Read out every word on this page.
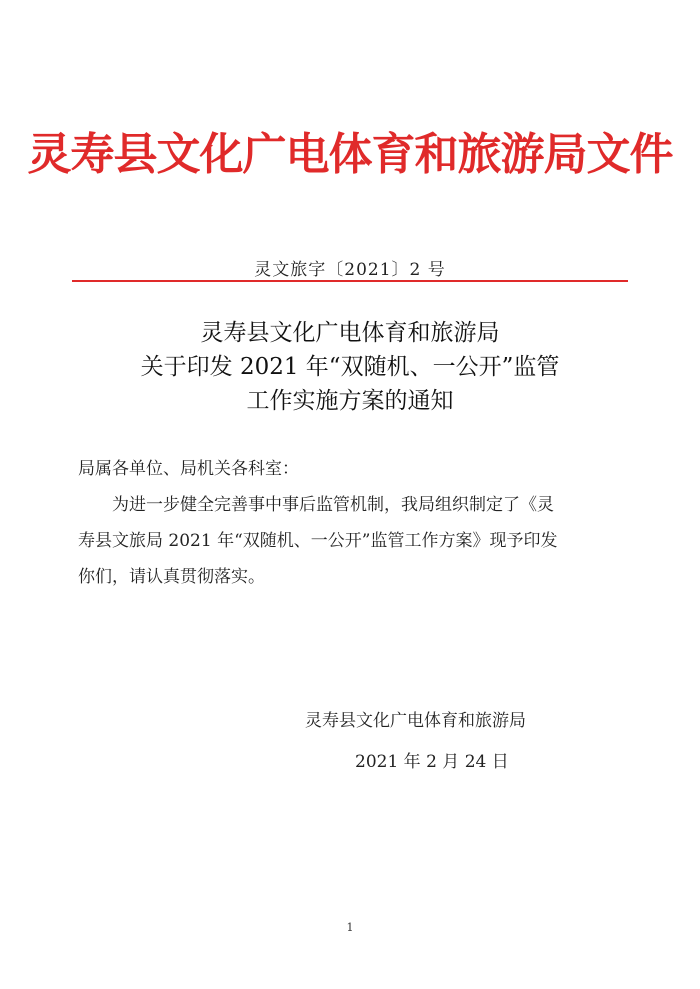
灵寿县文化广电体育和旅游局文件
灵文旅字〔2021〕2 号
灵寿县文化广电体育和旅游局
关于印发 2021 年“双随机、一公开”监管
工作实施方案的通知
局属各单位、局机关各科室：
为进一步健全完善事中事后监管机制，我局组织制定了《灵
寿县文旅局 2021 年“双随机、一公开”监管工作方案》现予印发
你们，请认真贯彻落实。
灵寿县文化广电体育和旅游局
2021 年 2 月 24 日
1
